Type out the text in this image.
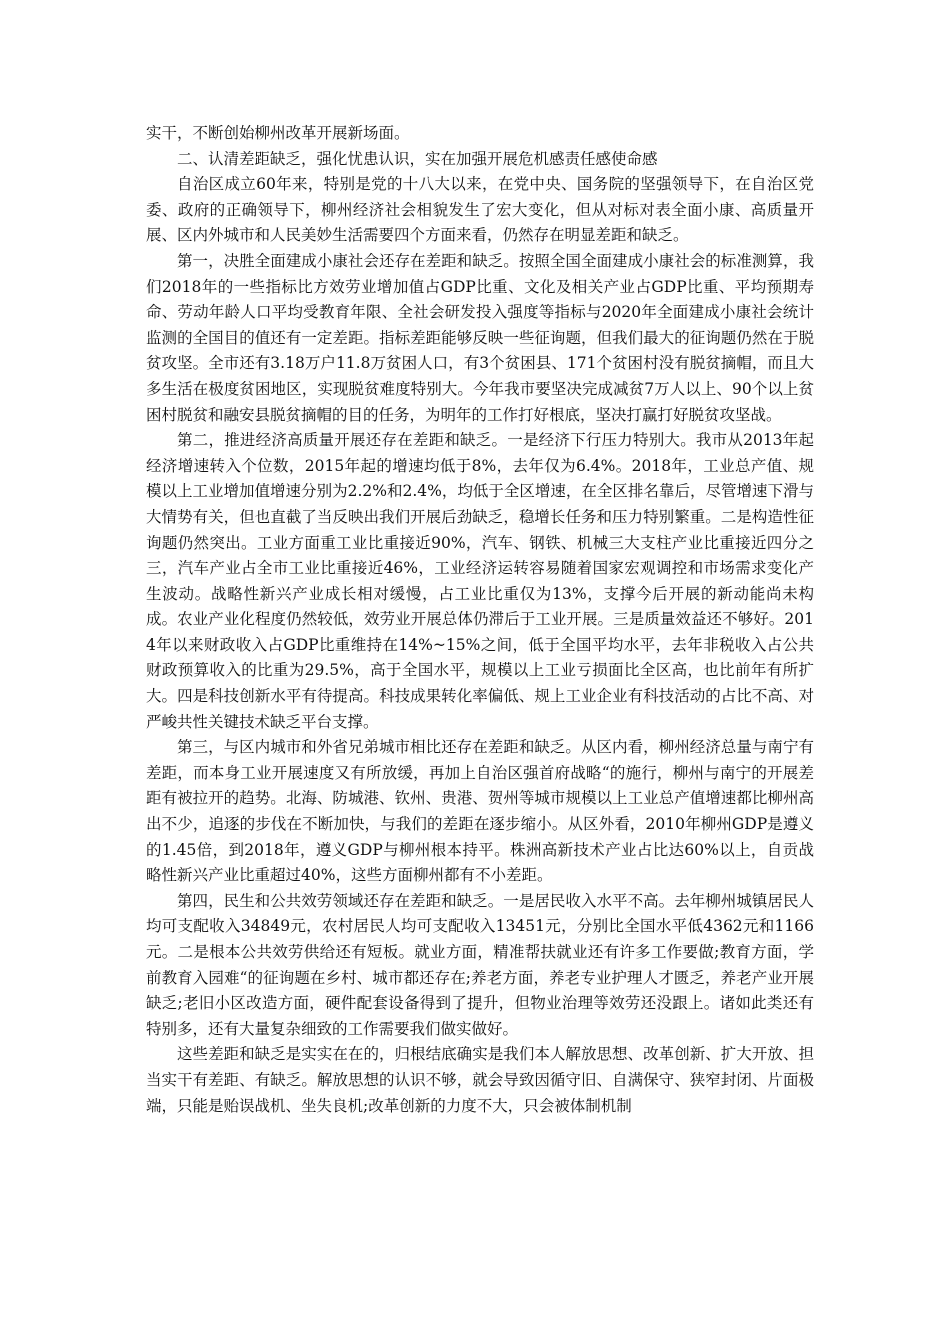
实干，不断创始柳州改革开展新场面。

二、认清差距缺乏，强化忧患认识，实在加强开展危机感责任感使命感

自治区成立60年来，特别是党的十八大以来，在党中央、国务院的坚强领导下，在自治区党委、政府的正确领导下，柳州经济社会相貌发生了宏大变化，但从对标对表全面小康、高质量开展、区内外城市和人民美妙生活需要四个方面来看，仍然存在明显差距和缺乏。

第一，决胜全面建成小康社会还存在差距和缺乏。按照全国全面建成小康社会的标准测算，我们2018年的一些指标比方效劳业增加值占GDP比重、文化及相关产业占GDP比重、平均预期寿命、劳动年龄人口平均受教育年限、全社会研发投入强度等指标与2020年全面建成小康社会统计监测的全国目的值还有一定差距。指标差距能够反映一些征询题，但我们最大的征询题仍然在于脱贫攻坚。全市还有3.18万户11.8万贫困人口，有3个贫困县、171个贫困村没有脱贫摘帽，而且大多生活在极度贫困地区，实现脱贫难度特别大。今年我市要坚决完成减贫7万人以上、90个以上贫困村脱贫和融安县脱贫摘帽的目的任务，为明年的工作打好根底，坚决打赢打好脱贫攻坚战。

第二，推进经济高质量开展还存在差距和缺乏。一是经济下行压力特别大。我市从2013年起经济增速转入个位数，2015年起的增速均低于8%，去年仅为6.4%。2018年，工业总产值、规模以上工业增加值增速分别为2.2%和2.4%，均低于全区增速，在全区排名靠后，尽管增速下滑与大情势有关，但也直截了当反映出我们开展后劲缺乏，稳增长任务和压力特别繁重。二是构造性征询题仍然突出。工业方面重工业比重接近90%，汽车、钢铁、机械三大支柱产业比重接近四分之三，汽车产业占全市工业比重接近46%，工业经济运转容易随着国家宏观调控和市场需求变化产生波动。战略性新兴产业成长相对缓慢，占工业比重仅为13%，支撑今后开展的新动能尚未构成。农业产业化程度仍然较低，效劳业开展总体仍滞后于工业开展。三是质量效益还不够好。2014年以来财政收入占GDP比重维持在14%~15%之间，低于全国平均水平，去年非税收入占公共财政预算收入的比重为29.5%，高于全国水平，规模以上工业亏损面比全区高，也比前年有所扩大。四是科技创新水平有待提高。科技成果转化率偏低、规上工业企业有科技活动的占比不高、对严峻共性关键技术缺乏平台支撑。

第三，与区内城市和外省兄弟城市相比还存在差距和缺乏。从区内看，柳州经济总量与南宁有差距，而本身工业开展速度又有所放缓，再加上自治区强首府战略“的施行，柳州与南宁的开展差距有被拉开的趋势。北海、防城港、钦州、贵港、贺州等城市规模以上工业总产值增速都比柳州高出不少，追逐的步伐在不断加快，与我们的差距在逐步缩小。从区外看，2010年柳州GDP是遵义的1.45倍，到2018年，遵义GDP与柳州根本持平。株洲高新技术产业占比达60%以上，自贡战略性新兴产业比重超过40%，这些方面柳州都有不小差距。

第四，民生和公共效劳领域还存在差距和缺乏。一是居民收入水平不高。去年柳州城镇居民人均可支配收入34849元，农村居民人均可支配收入13451元，分别比全国水平低4362元和1166元。二是根本公共效劳供给还有短板。就业方面，精准帮扶就业还有许多工作要做;教育方面，学前教育入园难“的征询题在乡村、城市都还存在;养老方面，养老专业护理人才匮乏，养老产业开展缺乏;老旧小区改造方面，硬件配套设备得到了提升，但物业治理等效劳还没跟上。诸如此类还有特别多，还有大量复杂细致的工作需要我们做实做好。

这些差距和缺乏是实实在在的，归根结底确实是我们本人解放思想、改革创新、扩大开放、担当实干有差距、有缺乏。解放思想的认识不够，就会导致因循守旧、自满保守、狭窄封闭、片面极端，只能是贻误战机、坐失良机;改革创新的力度不大，只会被体制机制
